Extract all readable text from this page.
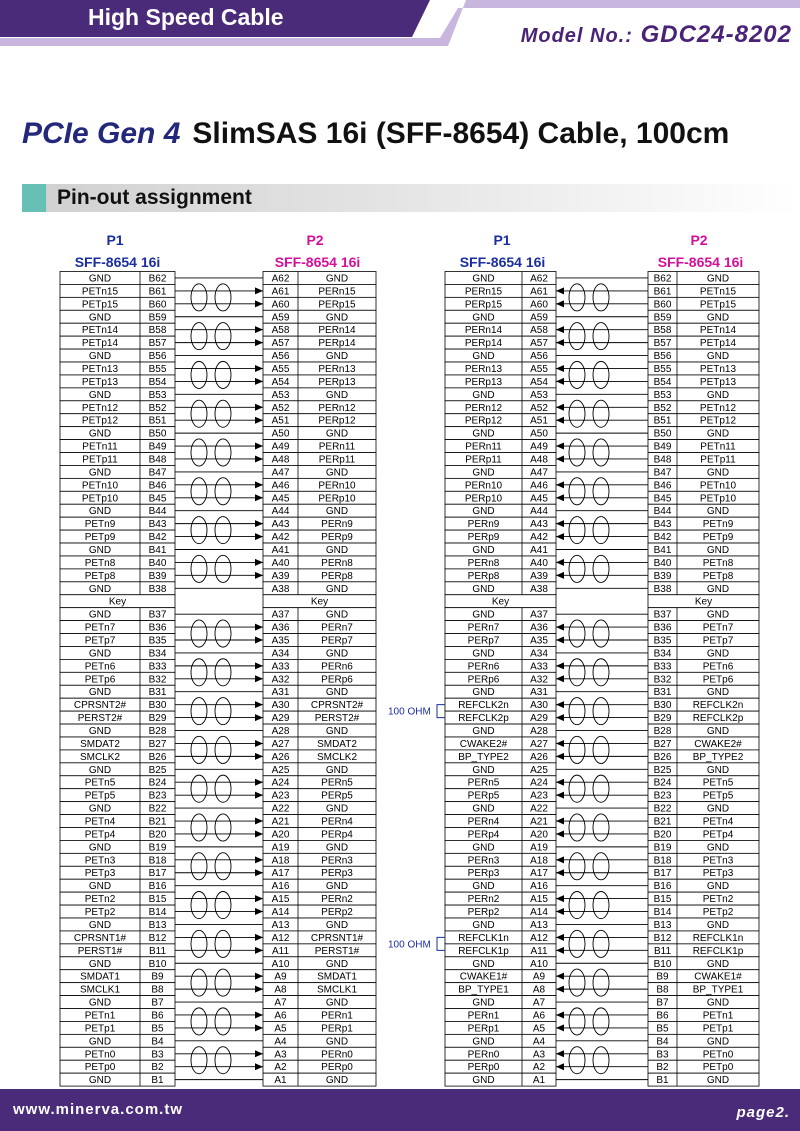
High Speed Cable
Model No.: GDC24-8202
PCIe Gen 4 SlimSAS 16i (SFF-8654) Cable, 100cm
Pin-out assignment
P1	P2
SFF-8654 16i	SFF-8654 16i
P1	P2
SFF-8654 16i	SFF-8654 16i
GND	B62	A62	GND
PETn15	B61	A61	PERn15
PETp15	B60	A60	PERp15
GND	B59	A59	GND
PETn14	B58	A58	PERn14
PETp14	B57	A57	PERp14
GND	B56	A56	GND
PETn13	B55	A55	PERn13
PETp13	B54	A54	PERp13
GND	B53	A53	GND
PETn12	B52	A52	PERn12
PETp12	B51	A51	PERp12
GND	B50	A50	GND
PETn11	B49	A49	PERn11
PETp11	B48	A48	PERp11
GND	B47	A47	GND
PETn10	B46	A46	PERn10
PETp10	B45	A45	PERp10
GND	B44	A44	GND
PETn9	B43	A43	PERn9
PETp9	B42	A42	PERp9
GND	B41	A41	GND
PETn8	B40	A40	PERn8
PETp8	B39	A39	PERp8
GND	B38	A38	GND
Key	Key
GND	B37	A37	GND
PETn7	B36	A36	PERn7
PETp7	B35	A35	PERp7
GND	B34	A34	GND
PETn6	B33	A33	PERn6
PETp6	B32	A32	PERp6
GND	B31	A31	GND
CPRSNT2# B30	A30 CPRSNT2#
PERST2#	B29	A29	PERST2#
GND	B28	A28	GND
SMDAT2	B27	A27	SMDAT2
SMCLK2	B26	A26	SMCLK2
GND	B25	A25	GND
PETn5	B24	A24	PERn5
PETp5	B23	A23	PERp5
GND	B22	A22	GND
PETn4	B21	A21	PERn4
PETp4	B20	A20	PERp4
GND	B19	A19	GND
PETn3	B18	A18	PERn3
PETp3	B17	A17	PERp3
GND	B16	A16	GND
PETn2	B15	A15	PERn2
PETp2	B14	A14	PERp2
GND	B13	A13	GND
CPRSNT1# B12	A12 CPRSNT1#
PERST1#	B11	A11	PERST1#
GND	B10	A10	GND
SMDAT1	B9	A9	SMDAT1
SMCLK1	B8	A8	SMCLK1
GND	B7	A7	GND
PETn1	B6	A6	PERn1
PETp1	B5	A5	PERp1
GND	B4	A4	GND
PETn0	B3	A3	PERn0
PETp0	B2	A2	PERp0
GND	B1	A1	GND
GND	A62	B62	GND
PERn15	A61	B61	PETn15
PERp15	A60	B60	PETp15
GND	A59	B59	GND
PERn14	A58	B58	PETn14
PERp14	A57	B57	PETp14
GND	A56	B56	GND
PERn13	A55	B55	PETn13
PERp13	A54	B54	PETp13
GND	A53	B53	GND
PERn12	A52	B52	PETn12
PERp12	A51	B51	PETp12
GND	A50	B50	GND
PERn11	A49	B49	PETn11
PERp11	A48	B48	PETp11
GND	A47	B47	GND
PERn10	A46	B46	PETn10
PERp10	A45	B45	PETp10
GND	A44	B44	GND
PERn9	A43	B43	PETn9
PERp9	A42	B42	PETp9
GND	A41	B41	GND
PERn8	A40	B40	PETn8
PERp8	A39	B39	PETp8
GND	A38	B38	GND
Key	Key
GND	A37	B37	GND
PERn7	A36	B36	PETn7
PERp7	A35	B35	PETp7
GND	A34	B34	GND
PERn6	A33	B33	PETn6
PERp6	A32	B32	PETp6
GND	A31	B31	GND
REFCLK2n A30	B30 REFCLK2n
REFCLK2p A29	B29 REFCLK2p
GND	A28	B28	GND
CWAKE2# A27	B27 CWAKE2#
BP_TYPE2 A26	B26 BP_TYPE2
GND	A25	B25	GND
PERn5	A24	B24	PETn5
PERp5	A23	B23	PETp5
GND	A22	B22	GND
PERn4	A21	B21	PETn4
PERp4	A20	B20	PETp4
GND	A19	B19	GND
PERn3	A18	B18	PETn3
PERp3	A17	B17	PETp3
GND	A16	B16	GND
PERn2	A15	B15	PETn2
PERp2	A14	B14	PETp2
GND	A13	B13	GND
REFCLK1n A12	B12 REFCLK1n
REFCLK1p A11	B11 REFCLK1p
GND	A10	B10	GND
CWAKE1#	A9	B9	CWAKE1#
BP_TYPE1 A8	B8 BP_TYPE1
GND	A7	B7	GND
PERn1	A6	B6	PETn1
PERp1	A5	B5	PETp1
GND	A4	B4	GND
PERn0	A3	B3	PETn0
PERp0	A2	B2	PETp0
GND	A1	B1	GND
100 OHM
100 OHM
www.minerva.com.tw	page2.
